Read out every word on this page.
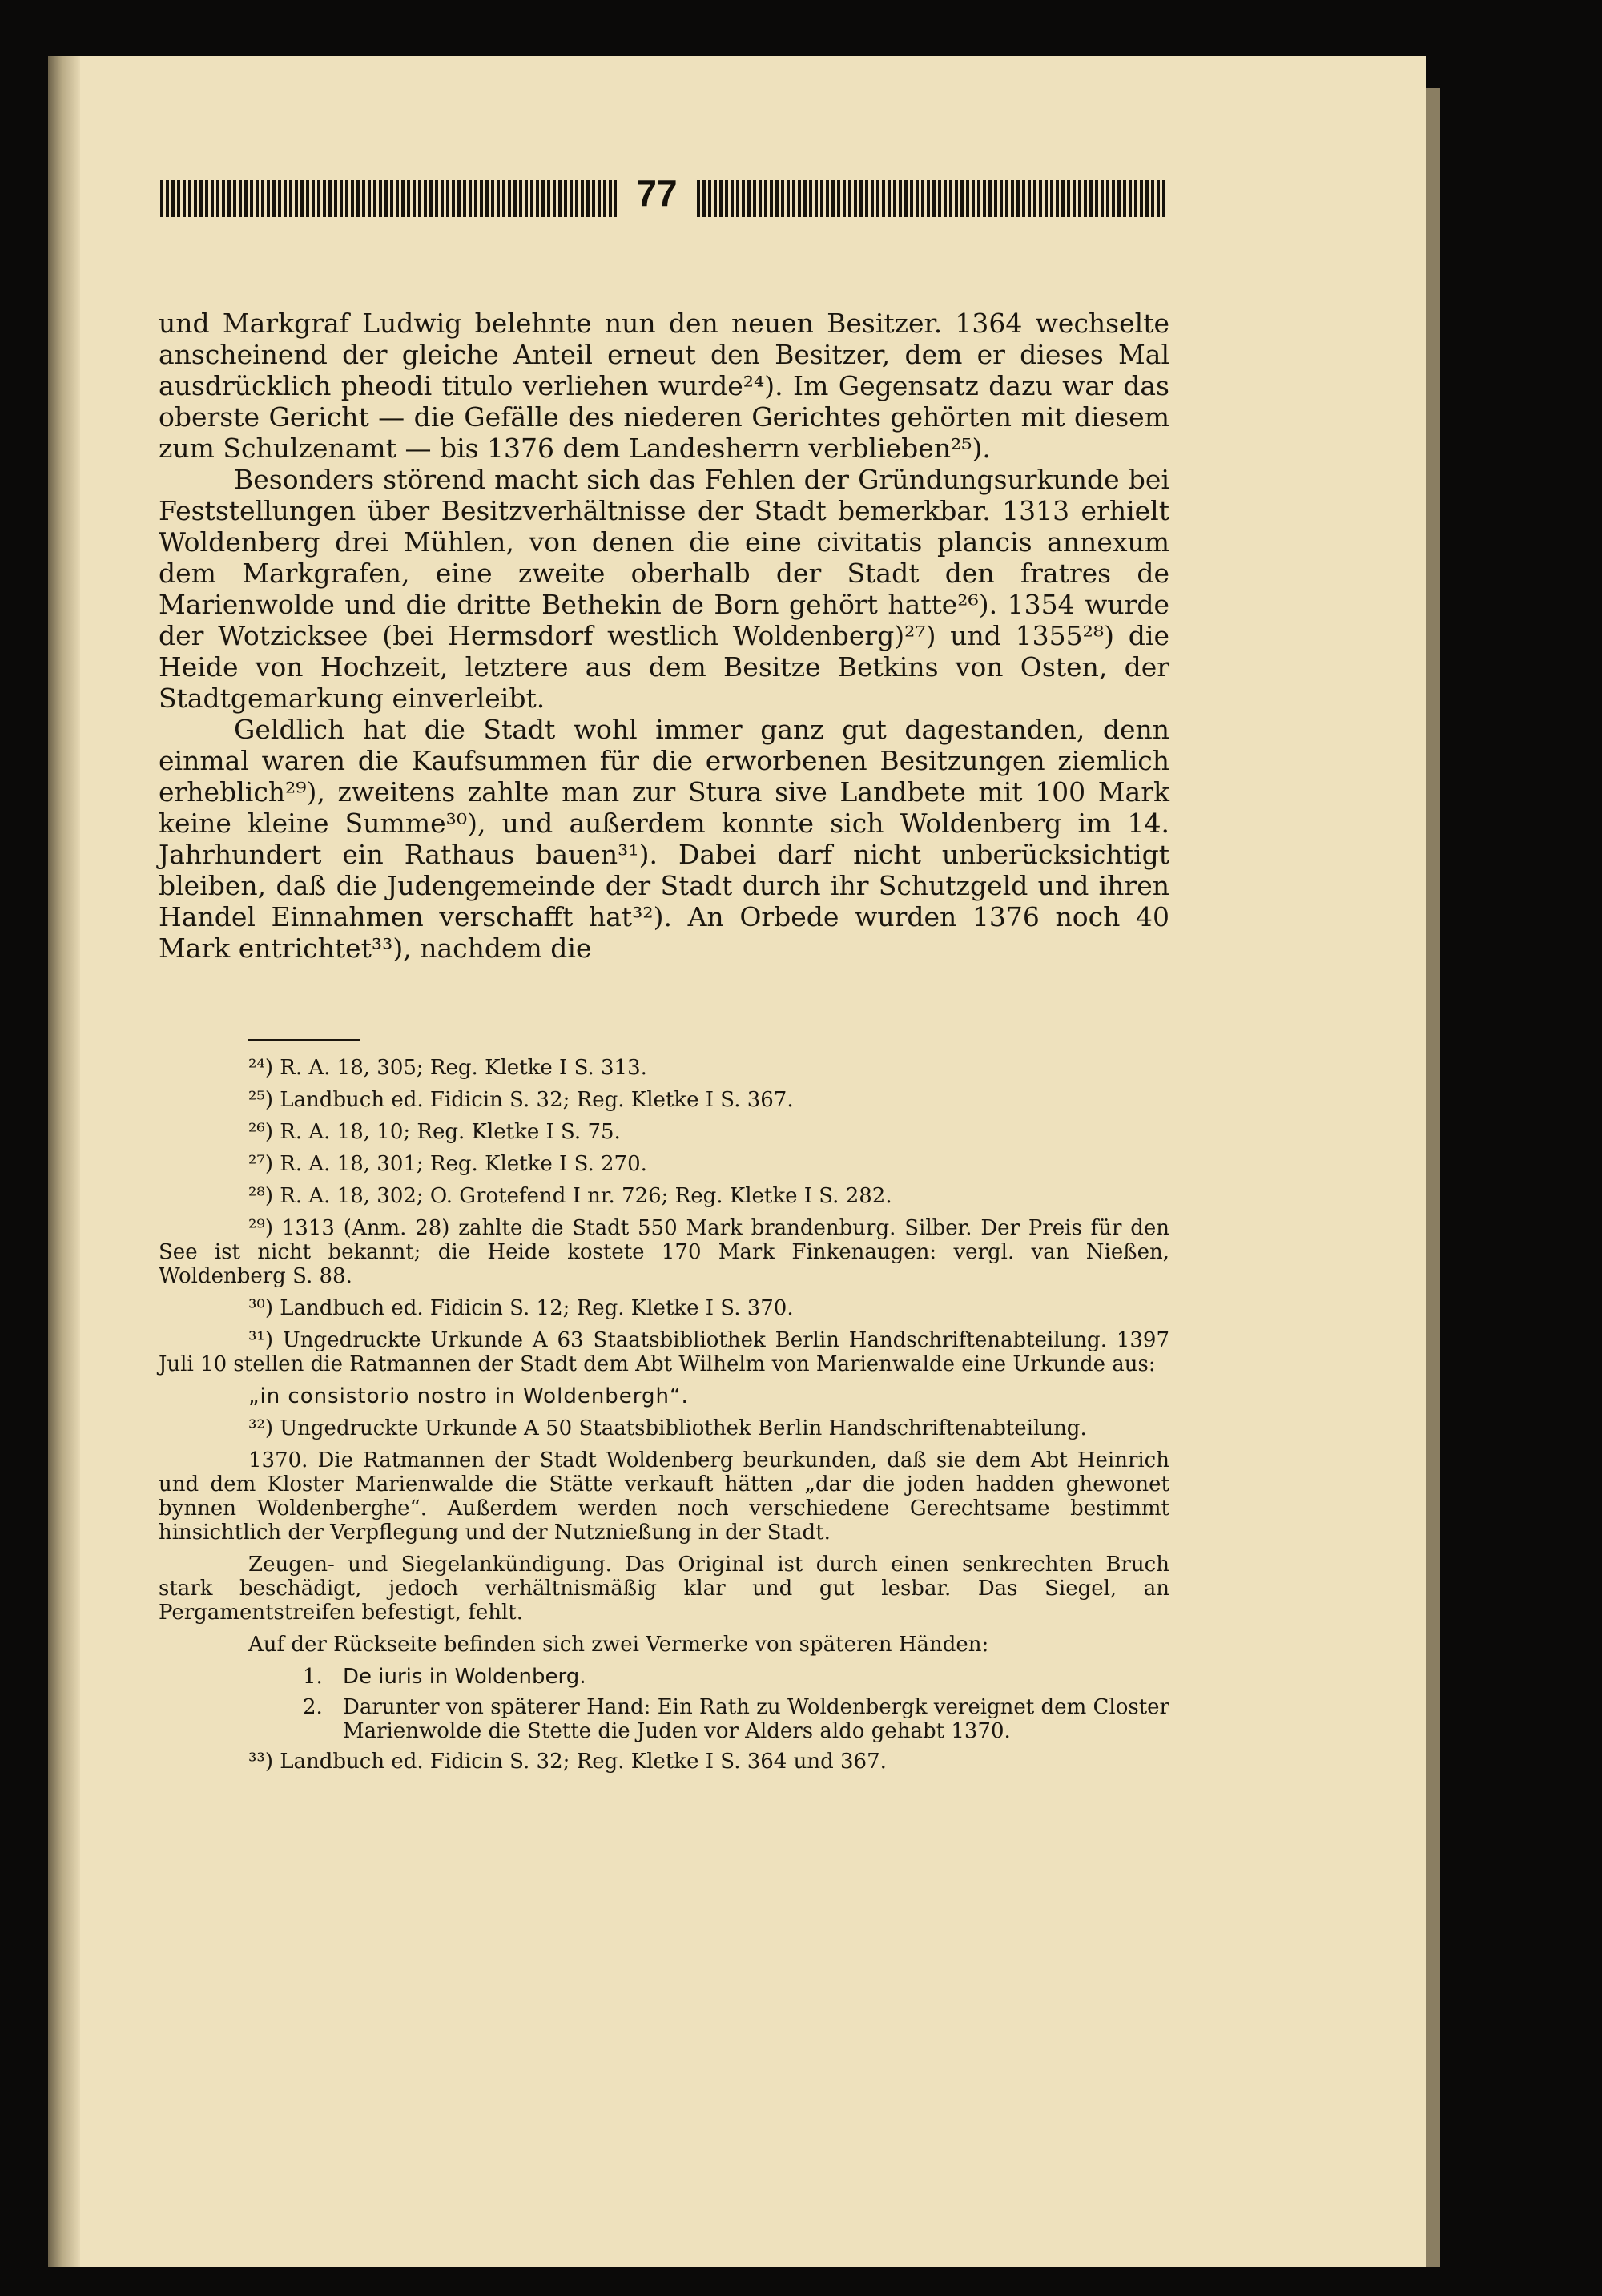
77

und Markgraf Ludwig belehnte nun den neuen Besitzer. 1364 wechselte anscheinend der gleiche Anteil erneut den Besitzer, dem er dieses Mal ausdrücklich pheodi titulo verliehen wurde²⁴). Im Gegensatz dazu war das oberste Gericht — die Gefälle des niederen Gerichtes gehörten mit diesem zum Schulzenamt — bis 1376 dem Landesherrn verblieben²⁵).

Besonders störend macht sich das Fehlen der Gründungsurkunde bei Feststellungen über Besitzverhältnisse der Stadt bemerkbar. 1313 erhielt Woldenberg drei Mühlen, von denen die eine civitatis plancis annexum dem Markgrafen, eine zweite oberhalb der Stadt den fratres de Marienwolde und die dritte Bethekin de Born gehört hatte²⁶). 1354 wurde der Wotzicksee (bei Hermsdorf westlich Woldenberg)²⁷) und 1355²⁸) die Heide von Hochzeit, letztere aus dem Besitze Betkins von Osten, der Stadtgemarkung einverleibt.

Geldlich hat die Stadt wohl immer ganz gut dagestanden, denn einmal waren die Kaufsummen für die erworbenen Besitzungen ziemlich erheblich²⁹), zweitens zahlte man zur Stura sive Landbete mit 100 Mark keine kleine Summe³⁰), und außerdem konnte sich Woldenberg im 14. Jahrhundert ein Rathaus bauen³¹). Dabei darf nicht unberücksichtigt bleiben, daß die Judengemeinde der Stadt durch ihr Schutzgeld und ihren Handel Einnahmen verschafft hat³²). An Orbede wurden 1376 noch 40 Mark entrichtet³³), nachdem die

²⁴) R. A. 18, 305; Reg. Kletke I S. 313.

²⁵) Landbuch ed. Fidicin S. 32; Reg. Kletke I S. 367.

²⁶) R. A. 18, 10; Reg. Kletke I S. 75.

²⁷) R. A. 18, 301; Reg. Kletke I S. 270.

²⁸) R. A. 18, 302; O. Grotefend I nr. 726; Reg. Kletke I S. 282.

²⁹) 1313 (Anm. 28) zahlte die Stadt 550 Mark brandenburg. Silber. Der Preis für den See ist nicht bekannt; die Heide kostete 170 Mark Finkenaugen: vergl. van Nießen, Woldenberg S. 88.

³⁰) Landbuch ed. Fidicin S. 12; Reg. Kletke I S. 370.

³¹) Ungedruckte Urkunde A 63 Staatsbibliothek Berlin Handschriftenabteilung. 1397 Juli 10 stellen die Ratmannen der Stadt dem Abt Wilhelm von Marienwalde eine Urkunde aus:

„in consistorio nostro in Woldenbergh“.

³²) Ungedruckte Urkunde A 50 Staatsbibliothek Berlin Handschriftenabteilung.

1370. Die Ratmannen der Stadt Woldenberg beurkunden, daß sie dem Abt Heinrich und dem Kloster Marienwalde die Stätte verkauft hätten „dar die joden hadden ghewonet bynnen Woldenberghe“. Außerdem werden noch verschiedene Gerechtsame bestimmt hinsichtlich der Verpflegung und der Nutznießung in der Stadt.

Zeugen- und Siegelankündigung. Das Original ist durch einen senkrechten Bruch stark beschädigt, jedoch verhältnismäßig klar und gut lesbar. Das Siegel, an Pergamentstreifen befestigt, fehlt.

Auf der Rückseite befinden sich zwei Vermerke von späteren Händen:

1. De iuris in Woldenberg.

2. Darunter von späterer Hand: Ein Rath zu Woldenbergk vereignet dem Closter Marienwolde die Stette die Juden vor Alders aldo gehabt 1370.

³³) Landbuch ed. Fidicin S. 32; Reg. Kletke I S. 364 und 367.
